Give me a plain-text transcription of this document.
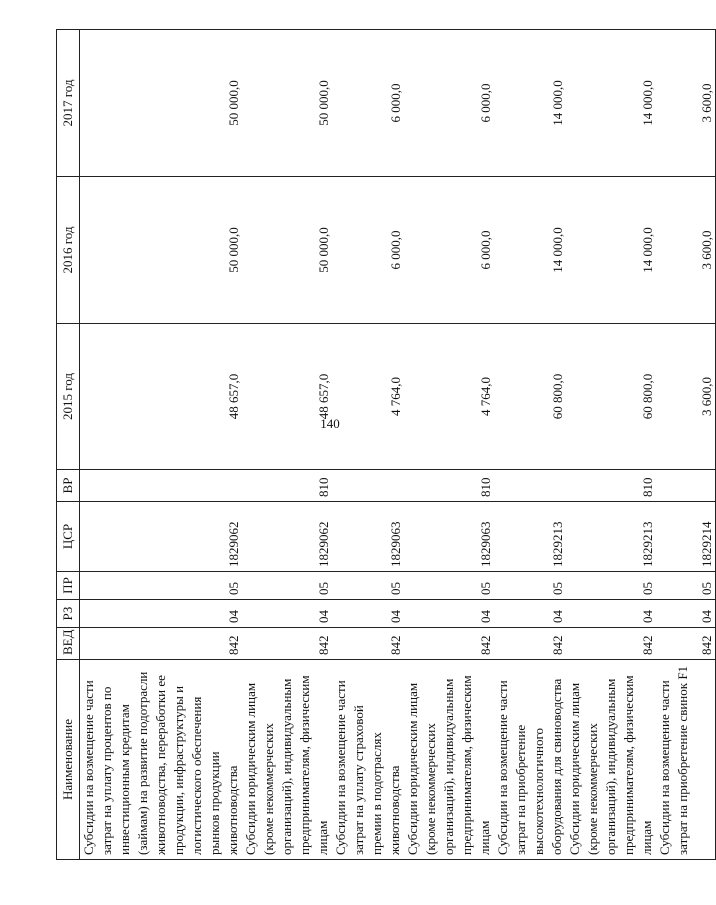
140
Наименование	ВЕД	РЗ	ПР	ЦСР	ВР	2015 год	2016 год	2017 год
Субсидии на возмещение части затрат на уплату процентов по инвестиционным кредитам (займам) на развитие подотрасли животноводства, переработки ее продукции, инфраструктуры и логистического обеспечения рынков продукции животноводства	842	04	05	1829062		48 657,0	50 000,0	50 000,0
Субсидии юридическим лицам (кроме некоммерческих организаций), индивидуальным предпринимателям, физическим лицам	842	04	05	1829062	810	48 657,0	50 000,0	50 000,0
Субсидии на возмещение части затрат на уплату страховой премии в подотраслях животноводства	842	04	05	1829063		4 764,0	6 000,0	6 000,0
Субсидии юридическим лицам (кроме некоммерческих организаций), индивидуальным предпринимателям, физическим лицам	842	04	05	1829063	810	4 764,0	6 000,0	6 000,0
Субсидии на возмещение части затрат на приобретение высокотехнологичного оборудования для свиноводства	842	04	05	1829213		60 800,0	14 000,0	14 000,0
Субсидии юридическим лицам (кроме некоммерческих организаций), индивидуальным предпринимателям, физическим лицам	842	04	05	1829213	810	60 800,0	14 000,0	14 000,0
Субсидии на возмещение части затрат на приобретение свинок F1	842	04	05	1829214		3 600,0	3 600,0	3 600,0
